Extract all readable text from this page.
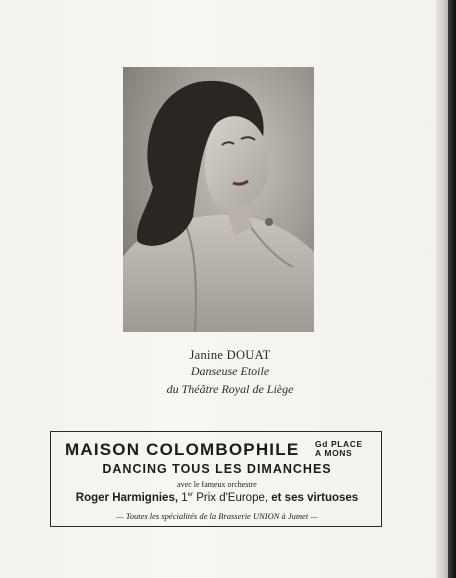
Janine DOUAT
Danseuse Etoile
du Théâtre Royal de Liège
MAISON COLOMBOPHILE Gd PLACE
A MONS
DANCING TOUS LES DIMANCHES
avec le fameux orchestre
Roger Harmignies, 1er Prix d'Europe, et ses virtuoses
— Toutes les spécialités de la Brasserie UNION à Jumet —
